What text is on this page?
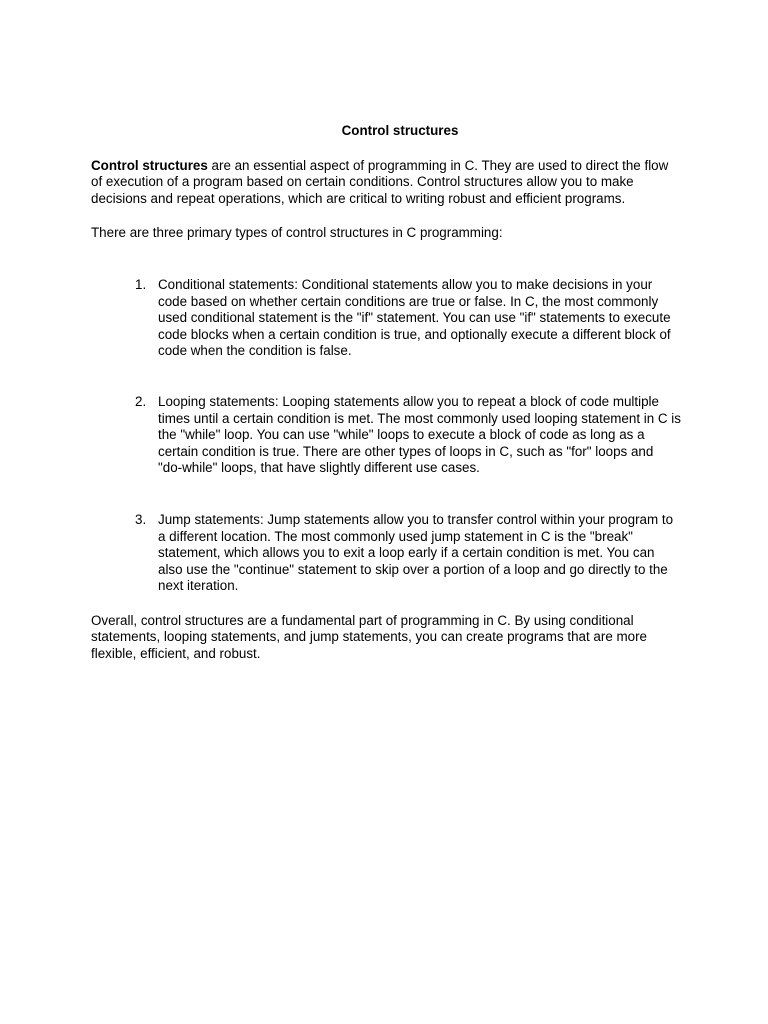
Control structures

Control structures are an essential aspect of programming in C. They are used to direct the flow of execution of a program based on certain conditions. Control structures allow you to make decisions and repeat operations, which are critical to writing robust and efficient programs.

There are three primary types of control structures in C programming:

1. Conditional statements: Conditional statements allow you to make decisions in your code based on whether certain conditions are true or false. In C, the most commonly used conditional statement is the "if" statement. You can use "if" statements to execute code blocks when a certain condition is true, and optionally execute a different block of code when the condition is false.
2. Looping statements: Looping statements allow you to repeat a block of code multiple times until a certain condition is met. The most commonly used looping statement in C is the "while" loop. You can use "while" loops to execute a block of code as long as a certain condition is true. There are other types of loops in C, such as "for" loops and "do-while" loops, that have slightly different use cases.
3. Jump statements: Jump statements allow you to transfer control within your program to a different location. The most commonly used jump statement in C is the "break" statement, which allows you to exit a loop early if a certain condition is met. You can also use the "continue" statement to skip over a portion of a loop and go directly to the next iteration.

Overall, control structures are a fundamental part of programming in C. By using conditional statements, looping statements, and jump statements, you can create programs that are more flexible, efficient, and robust.
